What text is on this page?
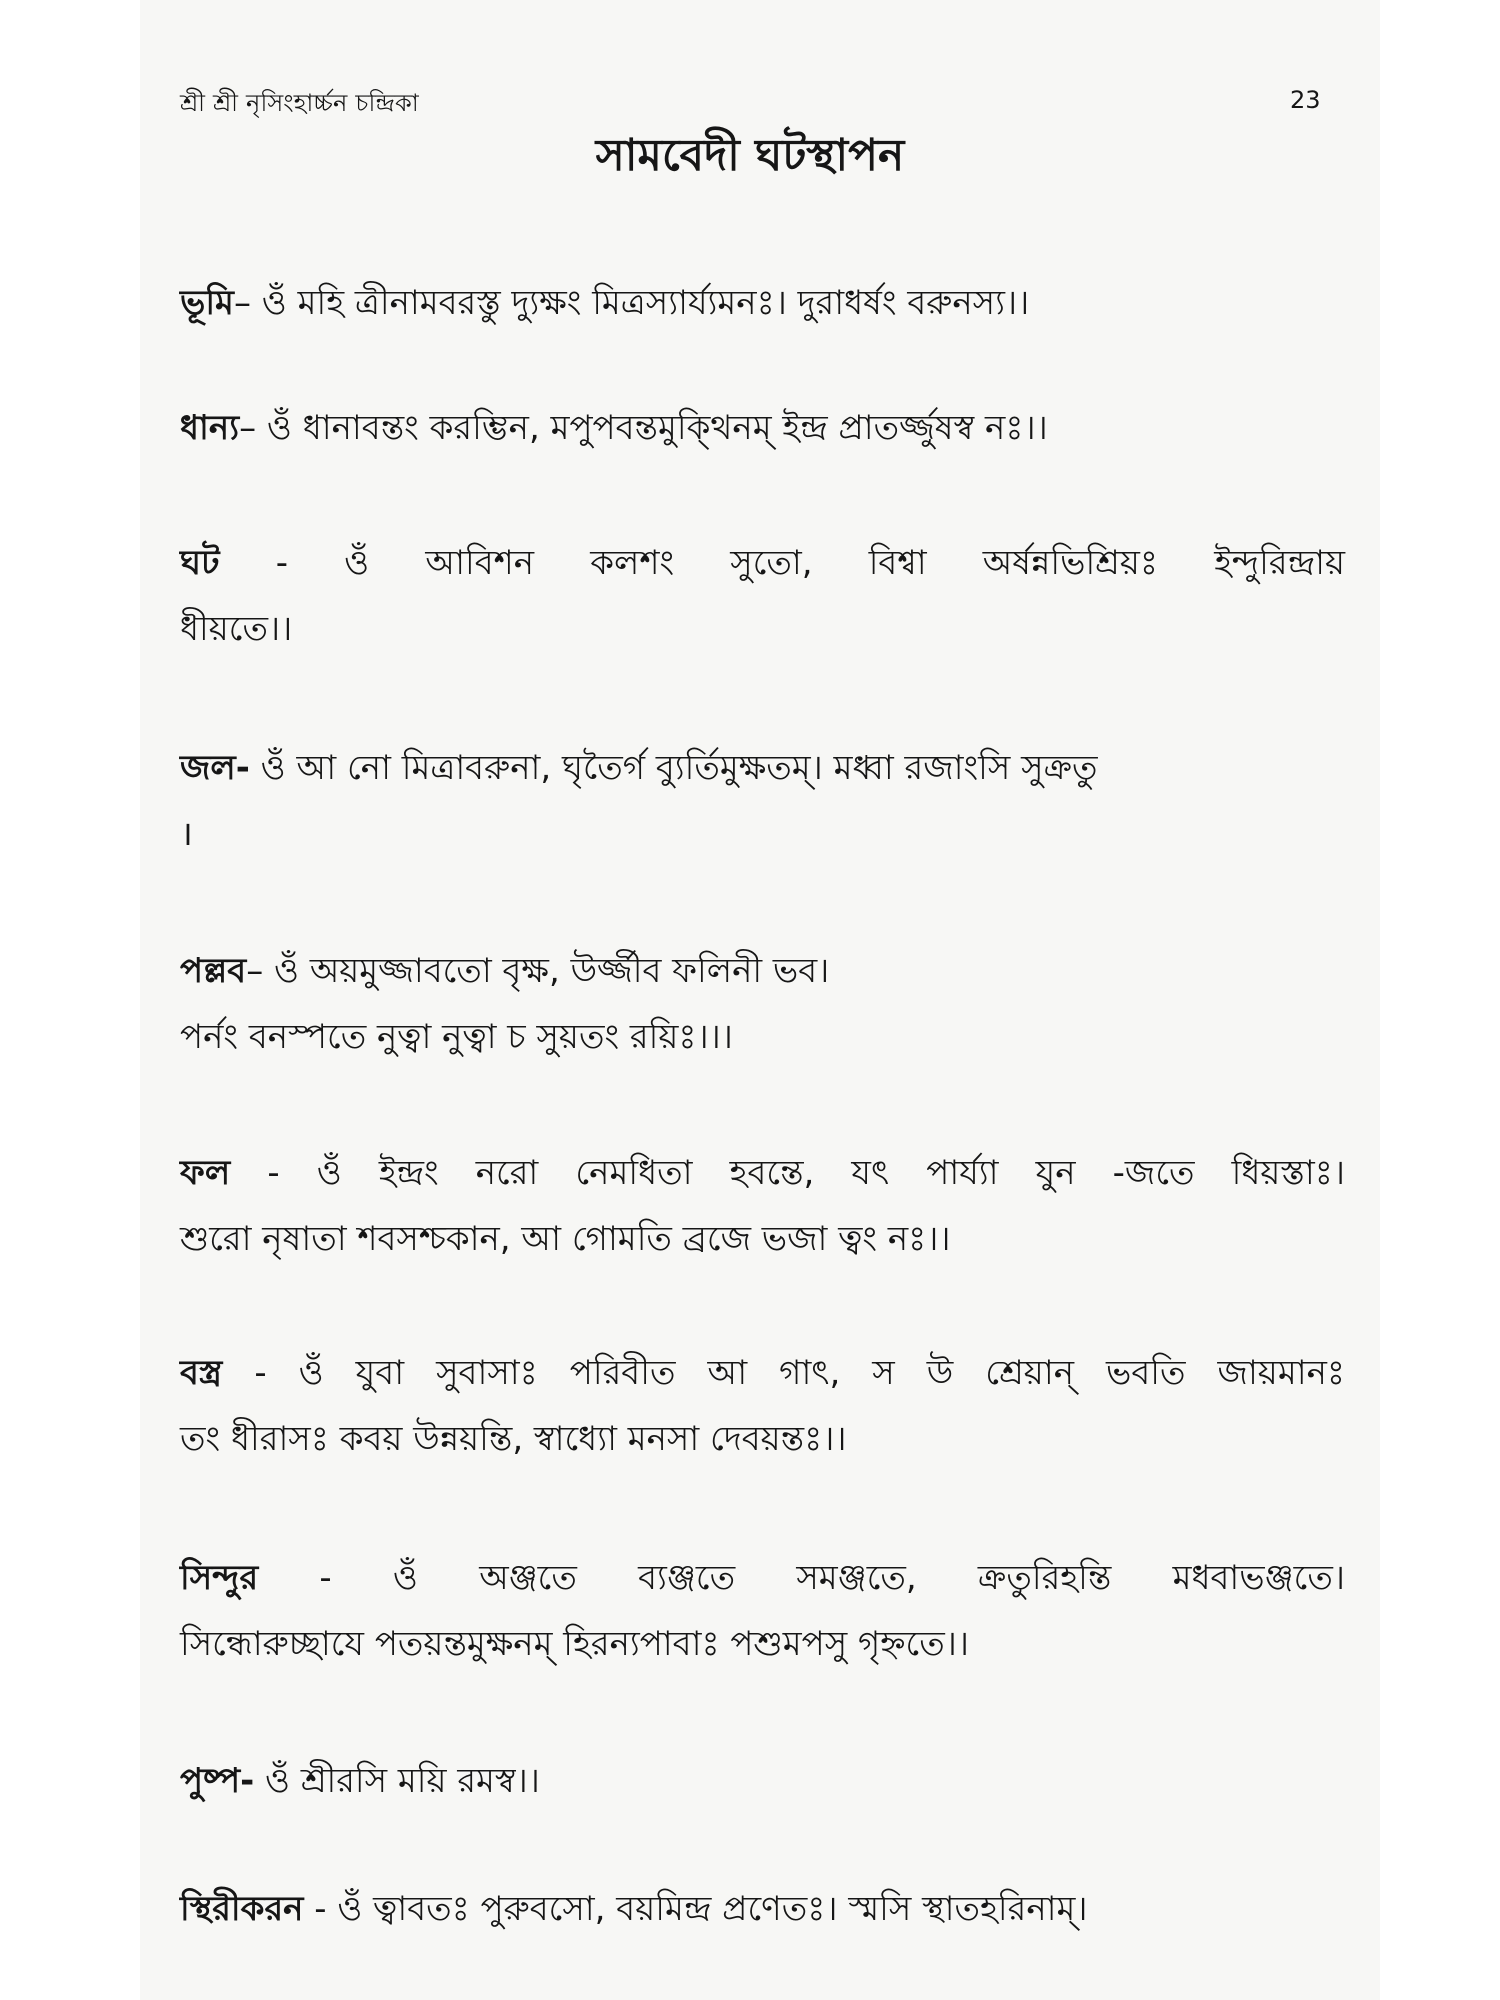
শ্রী শ্রী নৃসিংহার্চ্চন চন্দ্রিকা	23
সামবেদী ঘটস্থাপন
ভূমি– ওঁ মহি ত্রীনামবরস্তু দ্যুক্ষং মিত্রস্যার্য্যমনঃ। দুরাধর্ষং বরুনস্য।।
ধান্য– ওঁ ধানাবন্তং করম্ভিন, মপুপবন্তমুক্থিনম্ ইন্দ্র প্রাতর্জ্জুষস্ব নঃ।।
ঘট - ওঁ আবিশন কলশং সুতো, বিশ্বা অর্ষন্নভিশ্রিয়ঃ ইন্দুরিন্দ্রায়
ধীয়তে।।
জল- ওঁ আ নো মিত্রাবরুনা, ঘৃতৈর্গ ব্যুর্তিমুক্ষতম্। মধ্বা রজাংসি সুক্রতু
।
পল্লব– ওঁ অয়মুজ্জাবতো বৃক্ষ, উর্জ্জীব ফলিনী ভব।
পর্নং বনস্পতে নুত্বা নুত্বা চ সুয়তং রয়িঃ।।।
ফল - ওঁ ইন্দ্রং নরো নেমধিতা হবন্তে, যৎ পার্য্যা যুন -জতে ধিয়স্তাঃ।
শুরো নৃষাতা শবসশ্চকান, আ গোমতি ব্রজে ভজা ত্বং নঃ।।
বস্ত্র - ওঁ যুবা সুবাসাঃ পরিবীত আ গাৎ, স উ শ্রেয়ান্ ভবতি জায়মানঃ
তং ধীরাসঃ কবয় উন্নয়ন্তি, স্বাধ্যো মনসা দেবয়ন্তঃ।।
সিন্দুর - ওঁ অঞ্জতে ব্যঞ্জতে সমঞ্জতে, ক্রতুরিহন্তি মধবাভঞ্জতে।
সিন্ধোরুচ্ছাযে পতয়ন্তমুক্ষনম্ হিরন্যপাবাঃ পশুমপসু গৃহ্নতে।।
পুষ্প- ওঁ শ্রীরসি ময়ি রমস্ব।।
স্থিরীকরন - ওঁ ত্বাবতঃ পুরুবসো, বয়মিন্দ্র প্রণেতঃ। স্মসি স্থাতহরিনাম্।
